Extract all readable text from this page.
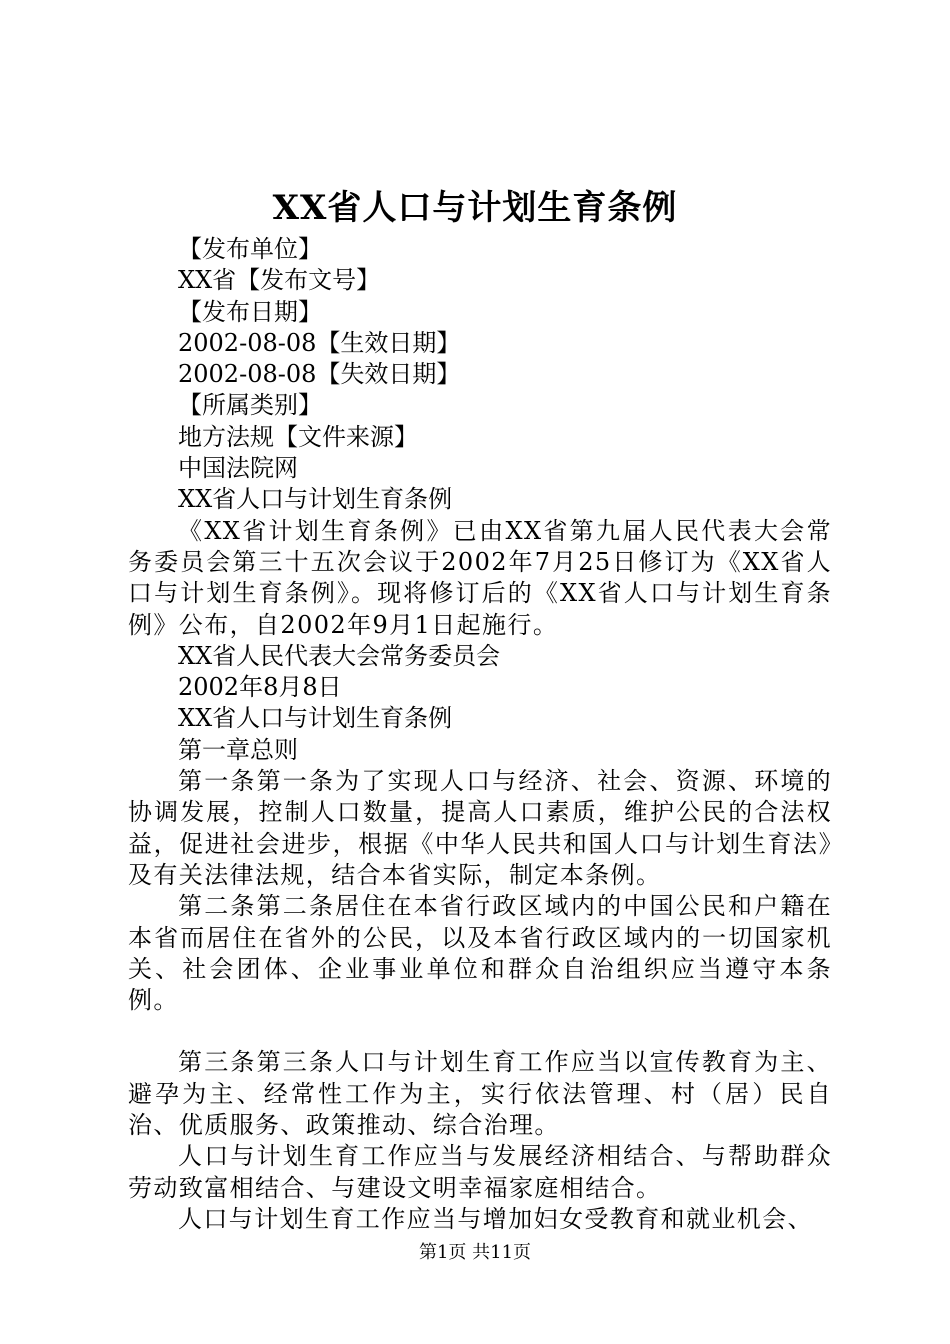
XX省人口与计划生育条例
【发布单位】
XX省【发布文号】
【发布日期】
2002-08-08【生效日期】
2002-08-08【失效日期】
【所属类别】
地方法规【文件来源】
中国法院网
XX省人口与计划生育条例
《XX省计划生育条例》已由XX省第九届人民代表大会常务委员会第三十五次会议于2002年7月25日修订为《XX省人口与计划生育条例》。现将修订后的《XX省人口与计划生育条例》公布，自2002年9月1日起施行。
XX省人民代表大会常务委员会
2002年8月8日
XX省人口与计划生育条例
第一章总则
第一条第一条为了实现人口与经济、社会、资源、环境的协调发展，控制人口数量，提高人口素质，维护公民的合法权益，促进社会进步，根据《中华人民共和国人口与计划生育法》及有关法律法规，结合本省实际，制定本条例。
第二条第二条居住在本省行政区域内的中国公民和户籍在本省而居住在省外的公民，以及本省行政区域内的一切国家机关、社会团体、企业事业单位和群众自治组织应当遵守本条例。
第三条第三条人口与计划生育工作应当以宣传教育为主、避孕为主、经常性工作为主，实行依法管理、村（居）民自治、优质服务、政策推动、综合治理。
人口与计划生育工作应当与发展经济相结合、与帮助群众劳动致富相结合、与建设文明幸福家庭相结合。
人口与计划生育工作应当与增加妇女受教育和就业机会、
第1页 共11页
